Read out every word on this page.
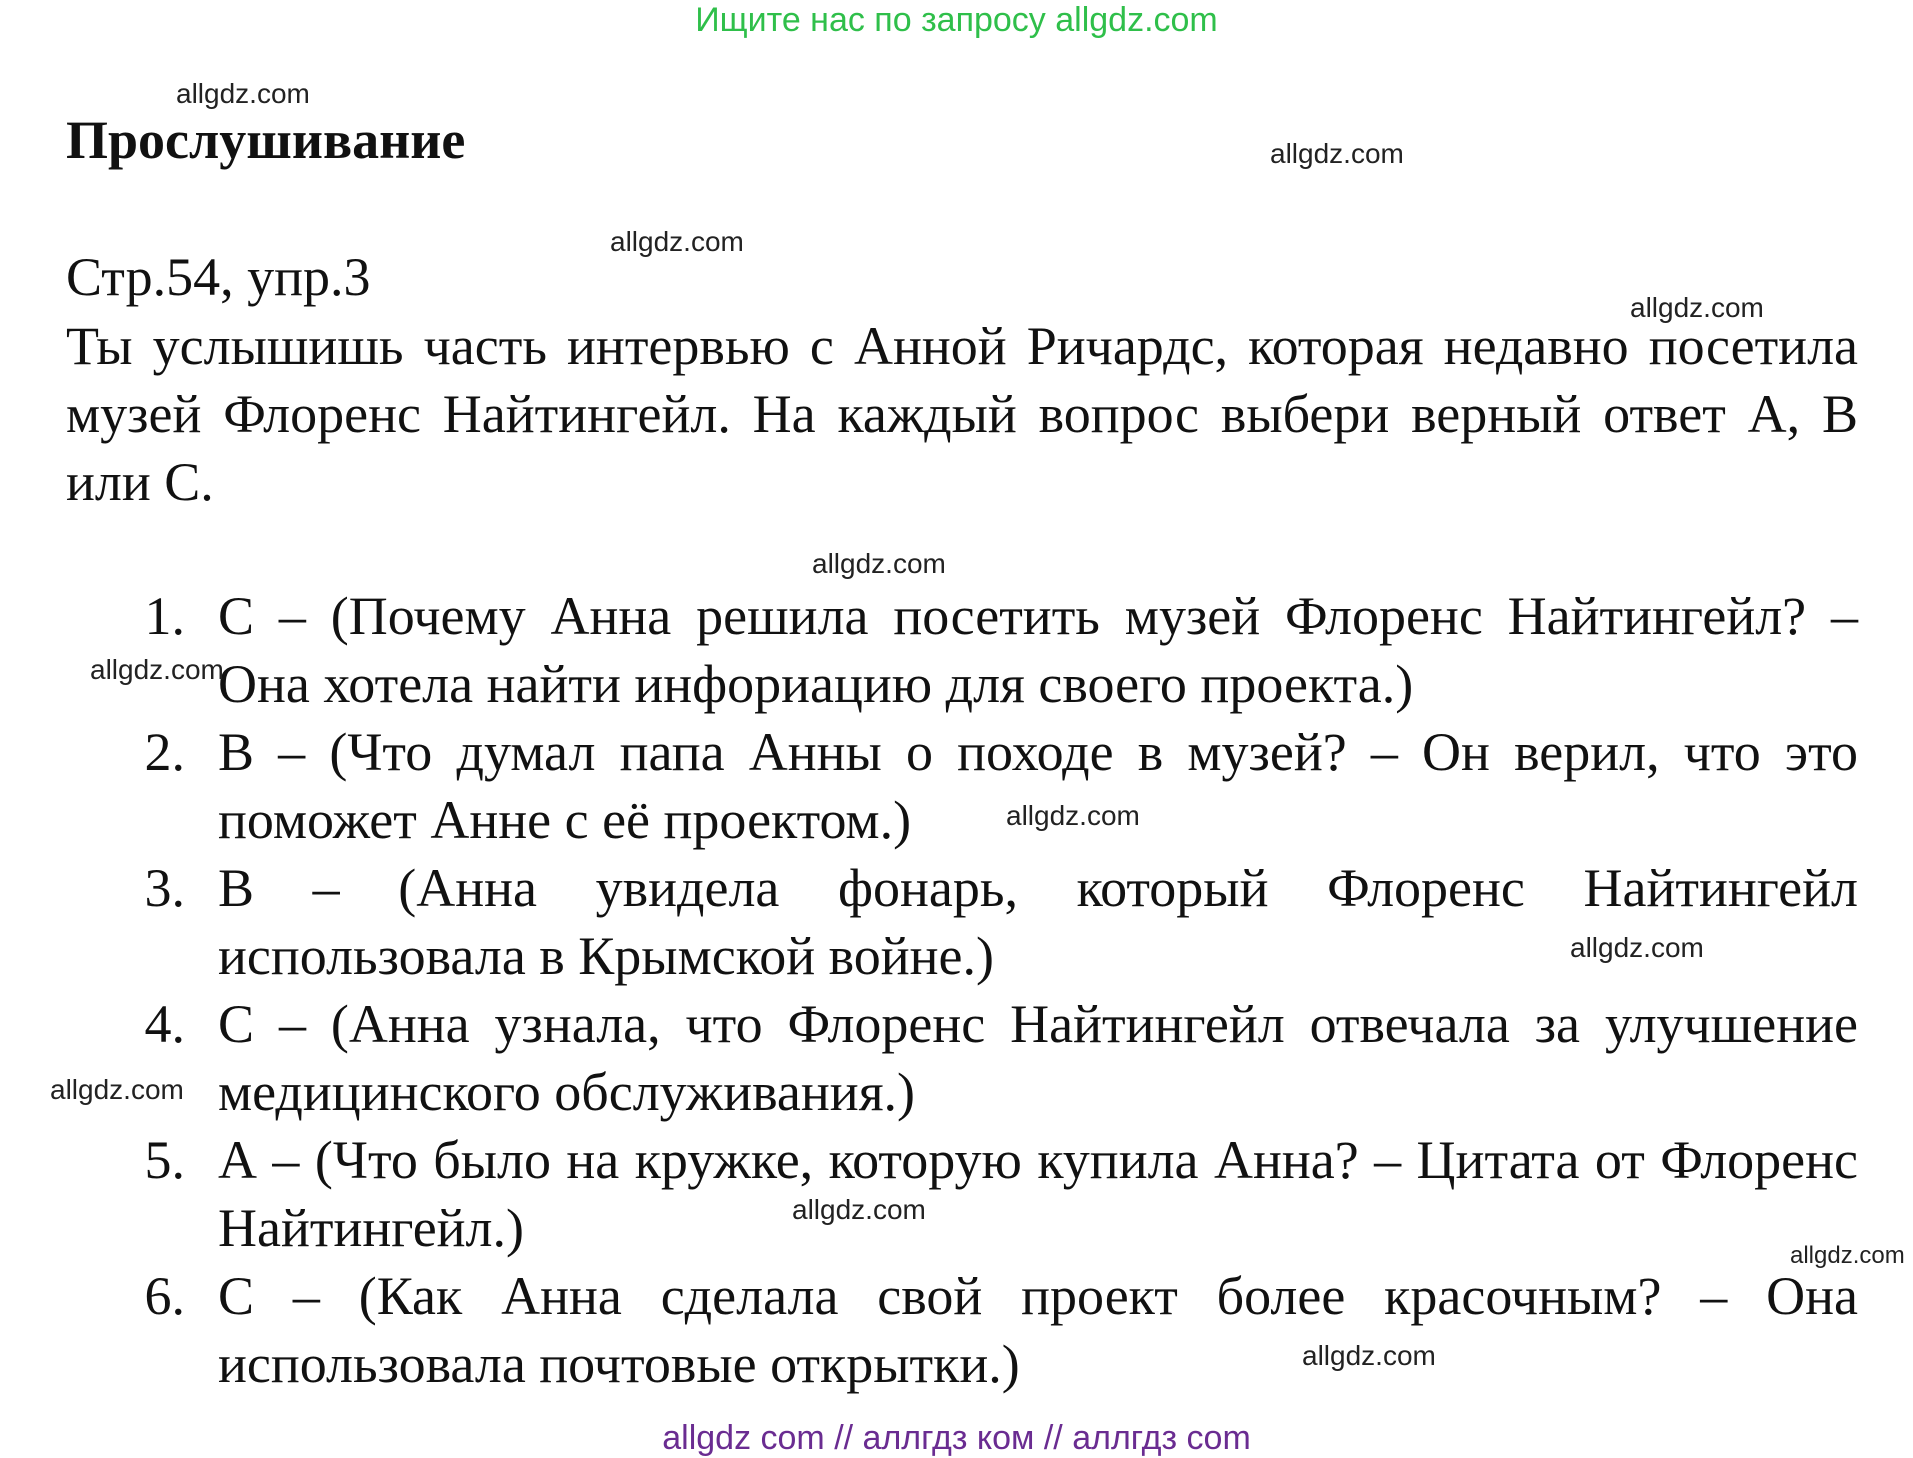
Ищите нас по запросу allgdz.com
Прослушивание
Стр.54, упр.3

Ты услышишь часть интервью с Анной Ричардс, которая недавно посетила музей Флоренс Найтингейл. На каждый вопрос выбери верный ответ A, B или C.

1. С – (Почему Анна решила посетить музей Флоренс Найтингейл? – Она хотела найти инфориацию для своего проекта.)
2. В – (Что думал папа Анны о походе в музей? – Он верил, что это поможет Анне с её проектом.)
3. В – (Анна увидела фонарь, который Флоренс Найтингейл использовала в Крымской войне.)
4. С – (Анна узнала, что Флоренс Найтингейл отвечала за улучшение медицинского обслуживания.)
5. А – (Что было на кружке, которую купила Анна? – Цитата от Флоренс Найтингейл.)
6. С – (Как Анна сделала свой проект более красочным? – Она использовала почтовые открытки.)
allgdz.com
allgdz.com
allgdz.com
allgdz.com
allgdz.com
allgdz.com
allgdz.com
allgdz.com
allgdz.com
allgdz.com
allgdz.com
allgdz.com
allgdz com // аллгдз ком // аллгдз com
